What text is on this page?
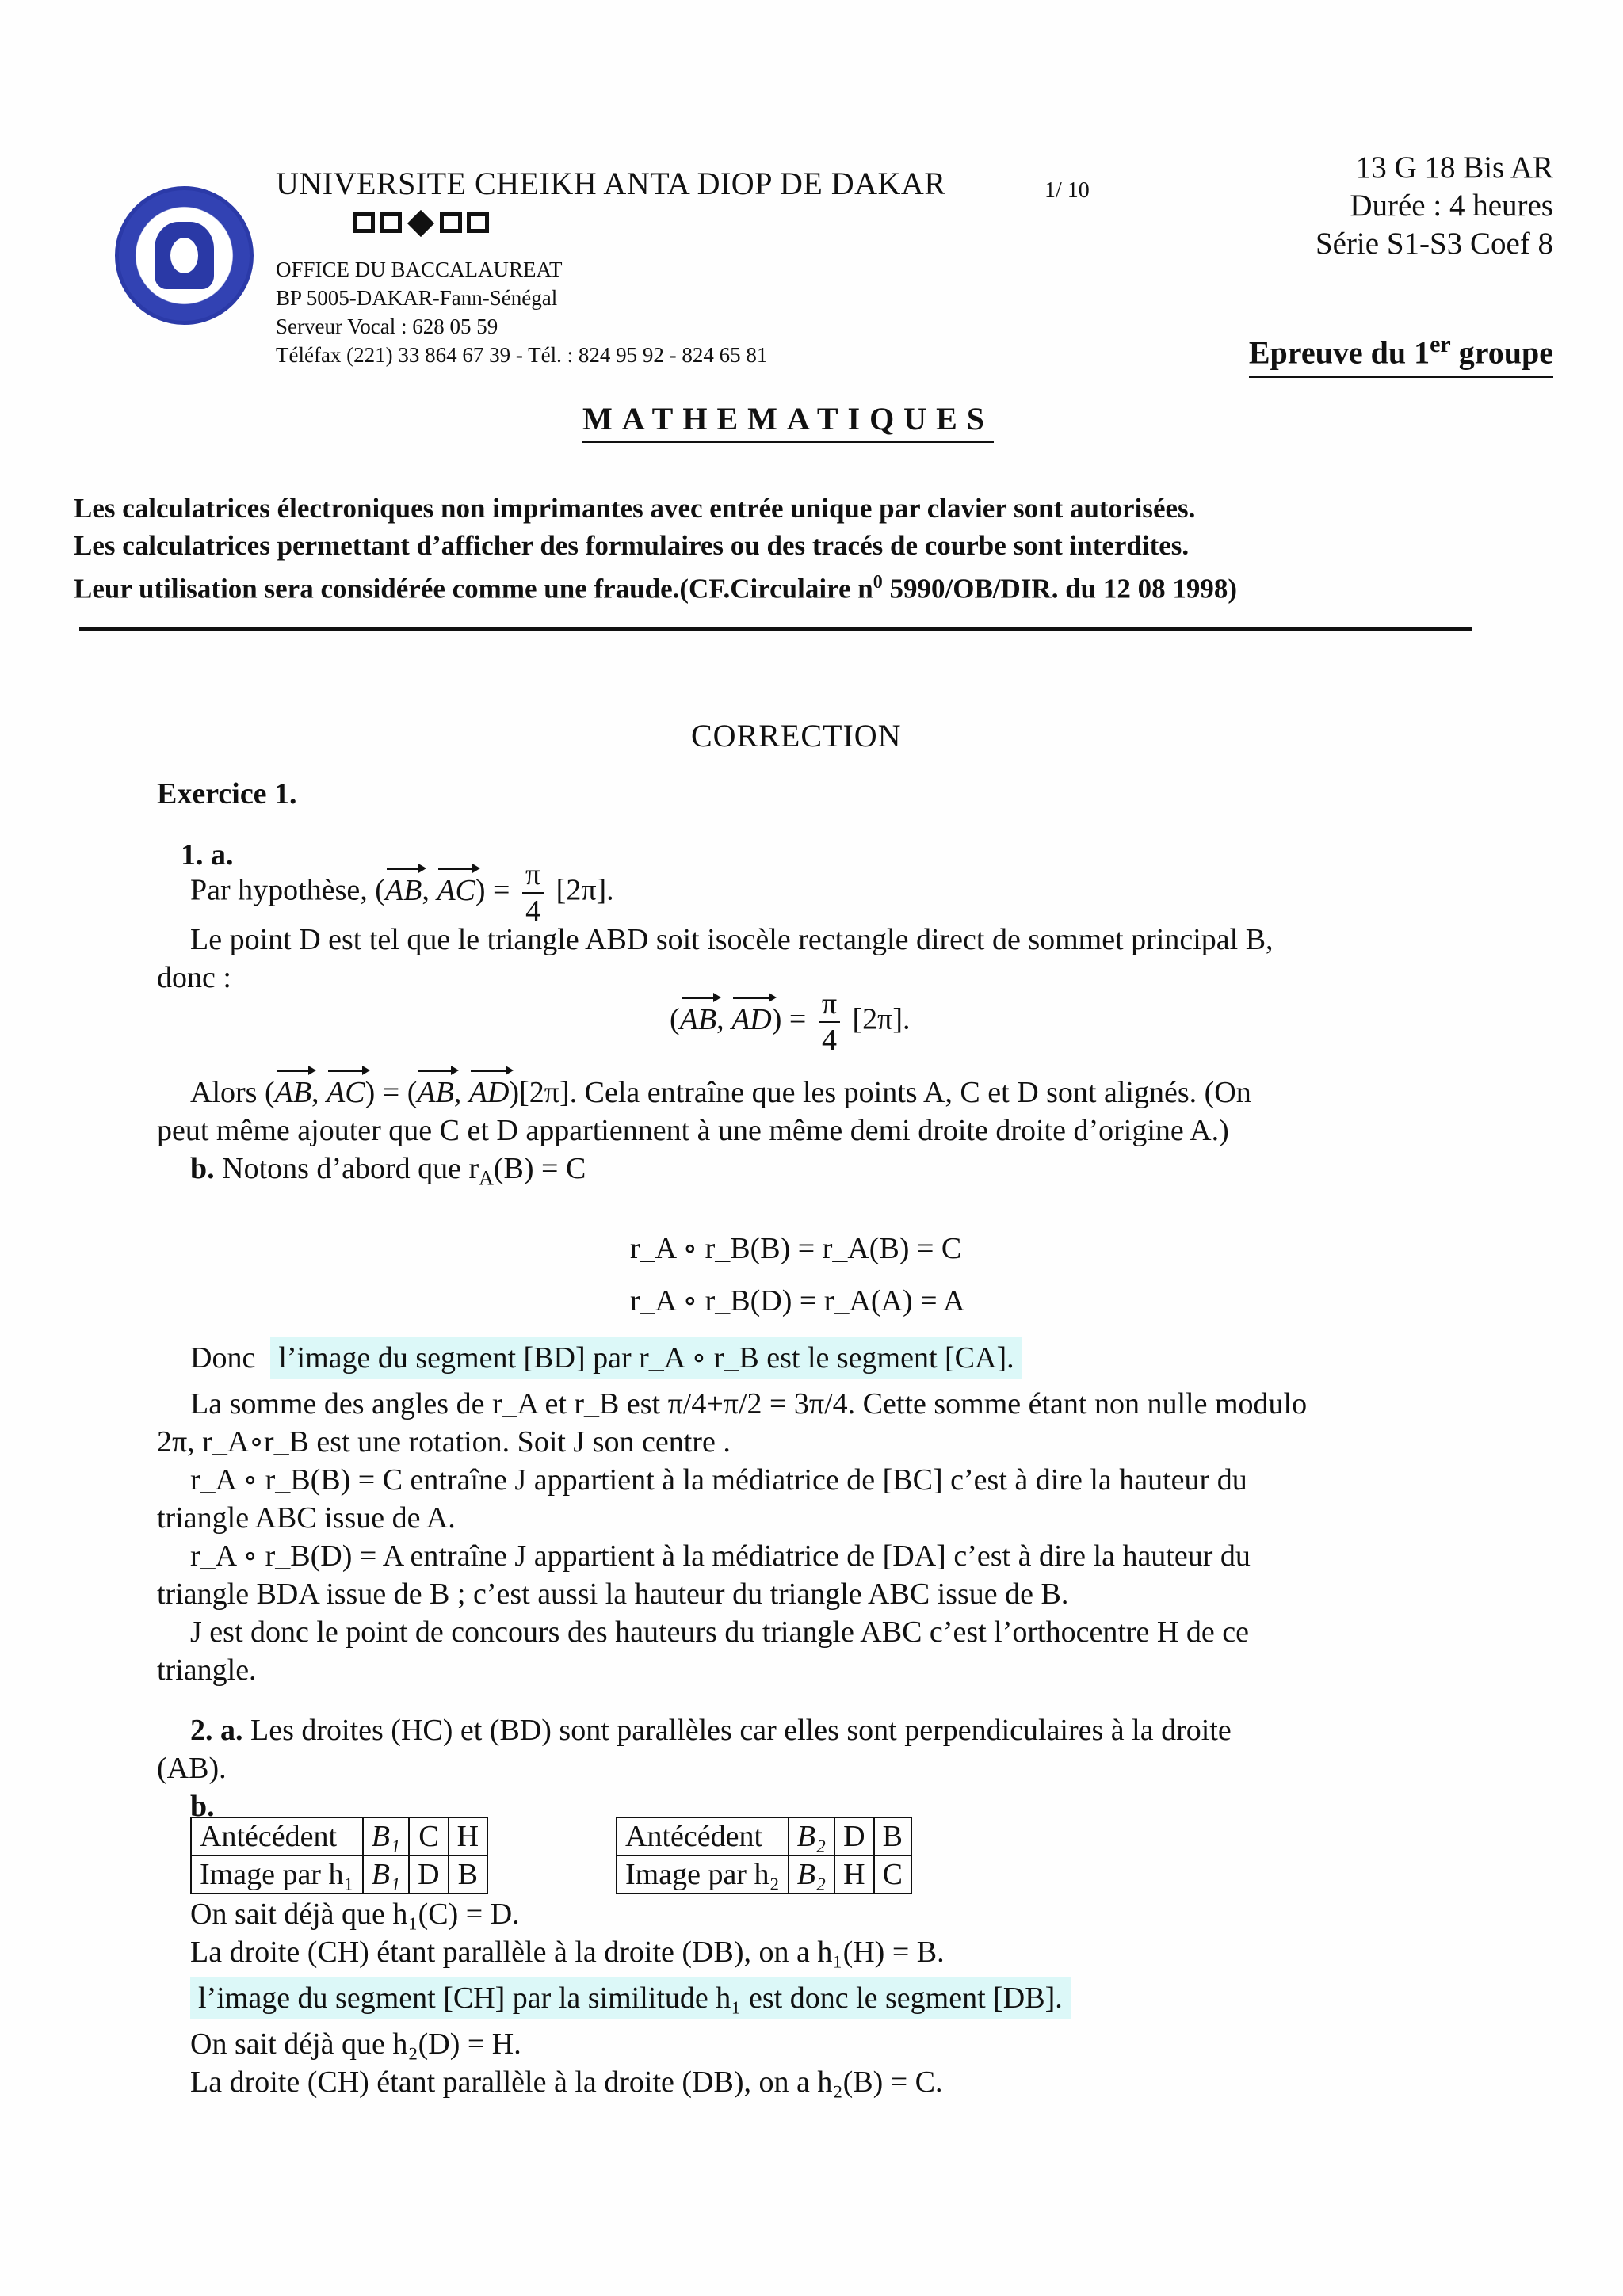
UNIVERSITE CHEIKH ANTA DIOP DE DAKAR	1/ 10
OFFICE DU BACCALAUREAT
BP 5005-DAKAR-Fann-Sénégal
Serveur Vocal : 628 05 59
Téléfax (221) 33 864 67 39 - Tél. : 824 95 92 - 824 65 81
13 G 18 Bis AR
Durée : 4 heures
Série S1-S3 Coef 8
Epreuve du 1er groupe
MATHEMATIQUES
Les calculatrices électroniques non imprimantes avec entrée unique par clavier sont autorisées.
Les calculatrices permettant d’afficher des formulaires ou des tracés de courbe sont interdites.
Leur utilisation sera considérée comme une fraude.(CF.Circulaire $n^0$ 5990/OB/DIR. du 12 08 1998)
CORRECTION
Exercice 1.
1. a.
Par hypothèse, (AB, $AC) = \frac{\pi}{4} [2\pi]$.
Le point D est tel que le triangle ABD soit isocèle rectangle direct de sommet principal B,
donc :
(AB, $AD) = \frac{\pi}{4} [2\pi]$.
Alors (AB, AC) = (AB, AD)[2π]. Cela entraîne que les points A, C et D sont alignés. (On
peut même ajouter que C et D appartiennent à une même demi droite droite d’origine A.)
b. Notons d’abord que $r_A(B) = C$
r_A ∘ r_B(B) = r_A(B) = C
r_A ∘ r_B(D) = r_A(A) = A
Donc l’image du segment [BD] par r_A ∘ r_B est le segment [CA].
La somme des angles de r_A et r_B est π/4+π/2 = 3π/4. Cette somme étant non nulle modulo
2π, r_A∘r_B est une rotation. Soit J son centre .
r_A ∘ r_B(B) = C entraîne J appartient à la médiatrice de [BC] c’est à dire la hauteur du
triangle ABC issue de A.
r_A ∘ r_B(D) = A entraîne J appartient à la médiatrice de [DA] c’est à dire la hauteur du
triangle BDA issue de B ; c’est aussi la hauteur du triangle ABC issue de B.
J est donc le point de concours des hauteurs du triangle ABC c’est l’orthocentre H de ce
triangle.
2. a. Les droites (HC) et (BD) sont parallèles car elles sont perpendiculaires à la droite
(AB).
b.
Antécédent	B₁	C	H
Image par h₁	B₁	D	B
Antécédent	B₂	D	B
Image par h₂	B₂	H	C
On sait déjà que h₁(C) = D.
La droite (CH) étant parallèle à la droite (DB), on a h₁(H) = B.
l’image du segment [CH] par la similitude h₁ est donc le segment [DB].
On sait déjà que h₂(D) = H.
La droite (CH) étant parallèle à la droite (DB), on a h₂(B) = C.
